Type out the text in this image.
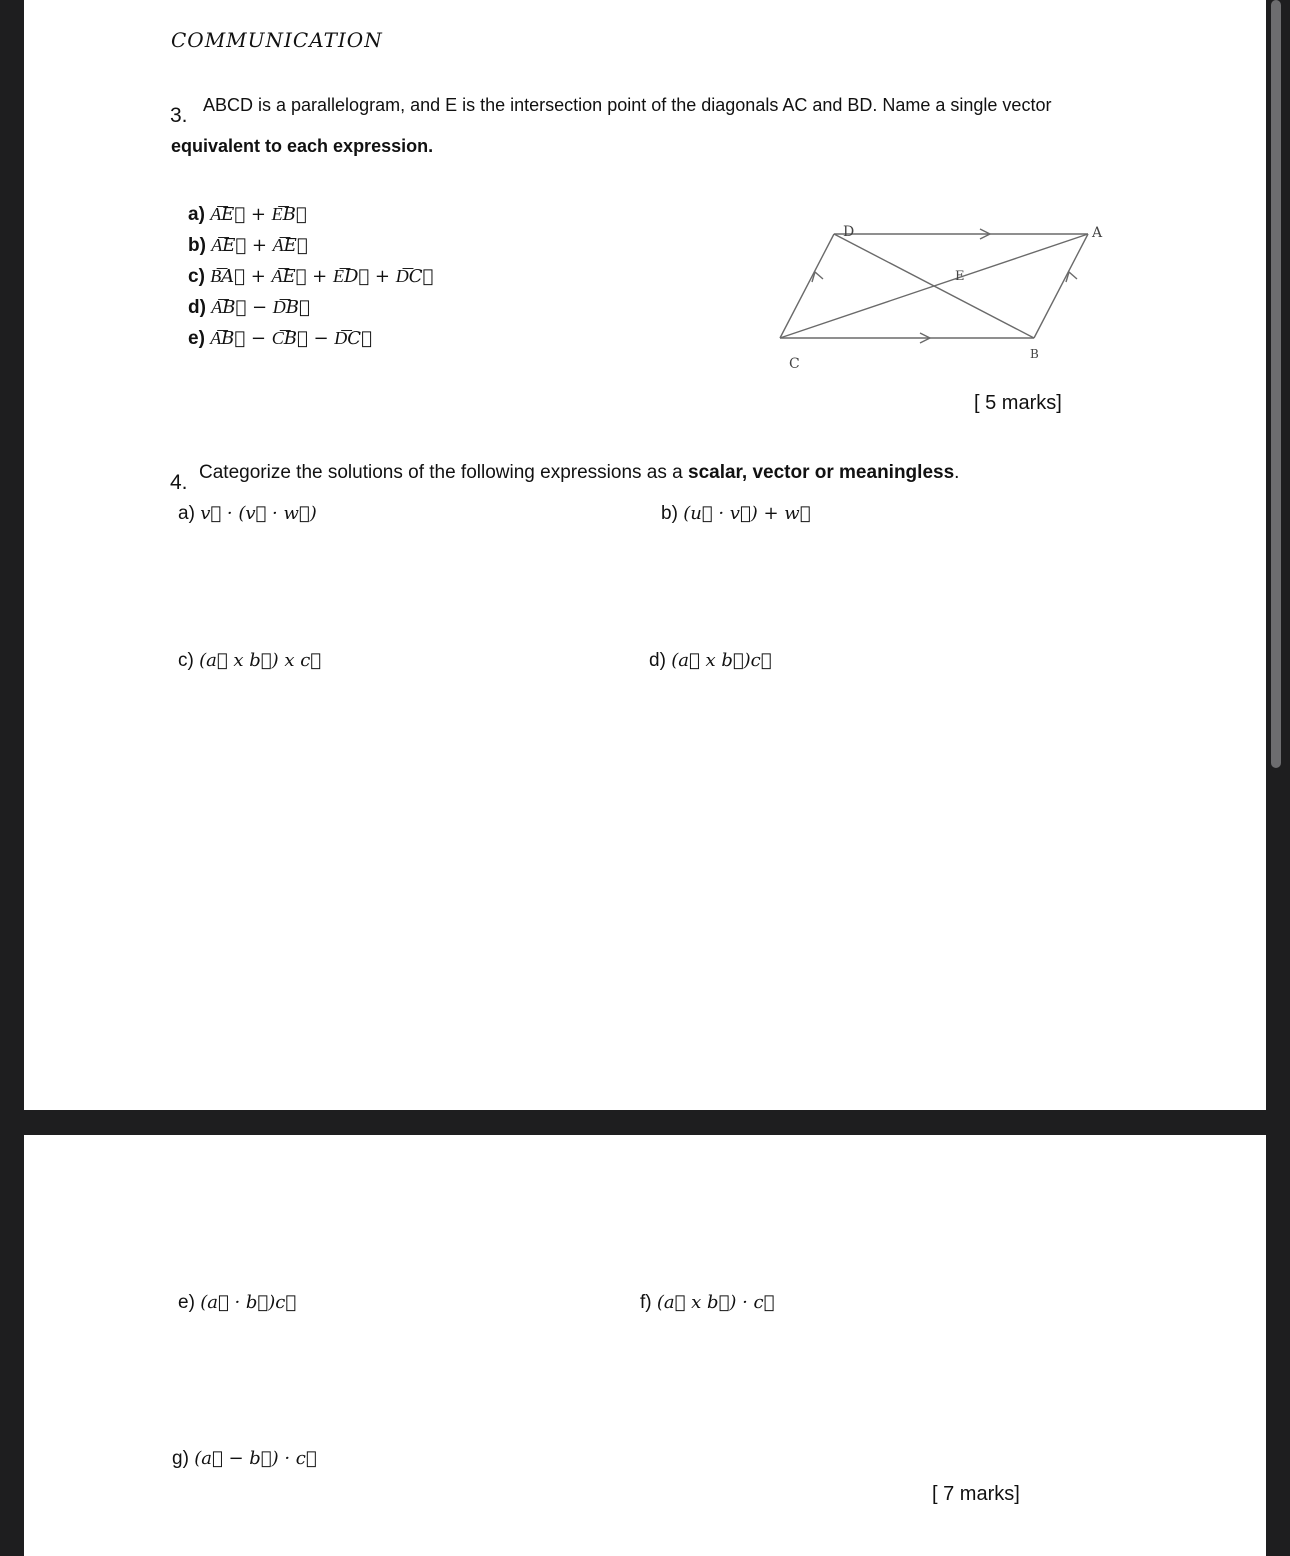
COMMUNICATION
3. ABCD is a parallelogram, and E is the intersection point of the diagonals AC and BD. Name a single vector
equivalent to each expression.
a) A͞E⃗ + E͞B⃗
b) A͞E⃗ + A͞E⃗
c) B͞A⃗ + A͞E⃗ + E͞D⃗ + D͞C⃗
d) A͞B⃗ − D͞B⃗
e) A͞B⃗ − C͞B⃗ − D͞C⃗
D	A
E
C
B
[ 5 marks]
4. Categorize the solutions of the following expressions as a scalar, vector or meaningless.
a) v⃗ · (v⃗ · w⃗)	b) (u⃗ · v⃗) + w⃗
c) (a⃗ x b⃗) x c⃗	d) (a⃗ x b⃗)c⃗
e) (a⃗ · b⃗)c⃗	f) (a⃗ x b⃗) · c⃗
g) (a⃗ − b⃗) · c⃗
[ 7 marks]
